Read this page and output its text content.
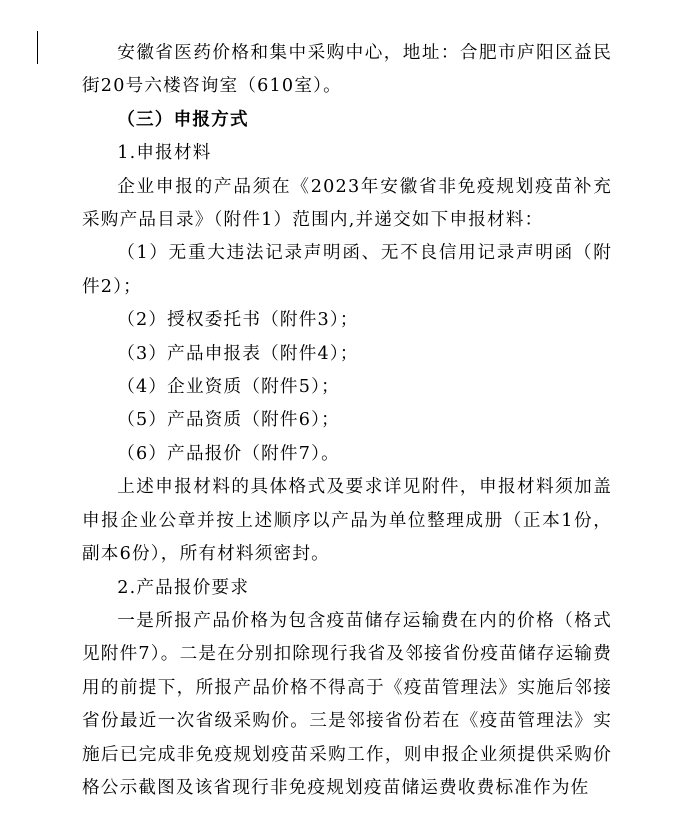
安徽省医药价格和集中采购中心，地址：合肥市庐阳区益民街20号六楼咨询室（610室）。

（三）申报方式

1.申报材料

企业申报的产品须在《2023年安徽省非免疫规划疫苗补充采购产品目录》（附件1）范围内,并递交如下申报材料：

（1）无重大违法记录声明函、无不良信用记录声明函（附件2）；

（2）授权委托书（附件3）；

（3）产品申报表（附件4）；

（4）企业资质（附件5）；

（5）产品资质（附件6）；

（6）产品报价（附件7）。

上述申报材料的具体格式及要求详见附件，申报材料须加盖申报企业公章并按上述顺序以产品为单位整理成册（正本1份，副本6份），所有材料须密封。

2.产品报价要求

一是所报产品价格为包含疫苗储存运输费在内的价格（格式见附件7）。二是在分别扣除现行我省及邻接省份疫苗储存运输费用的前提下，所报产品价格不得高于《疫苗管理法》实施后邻接省份最近一次省级采购价。三是邻接省份若在《疫苗管理法》实施后已完成非免疫规划疫苗采购工作，则申报企业须提供采购价格公示截图及该省现行非免疫规划疫苗储运费收费标准作为佐
